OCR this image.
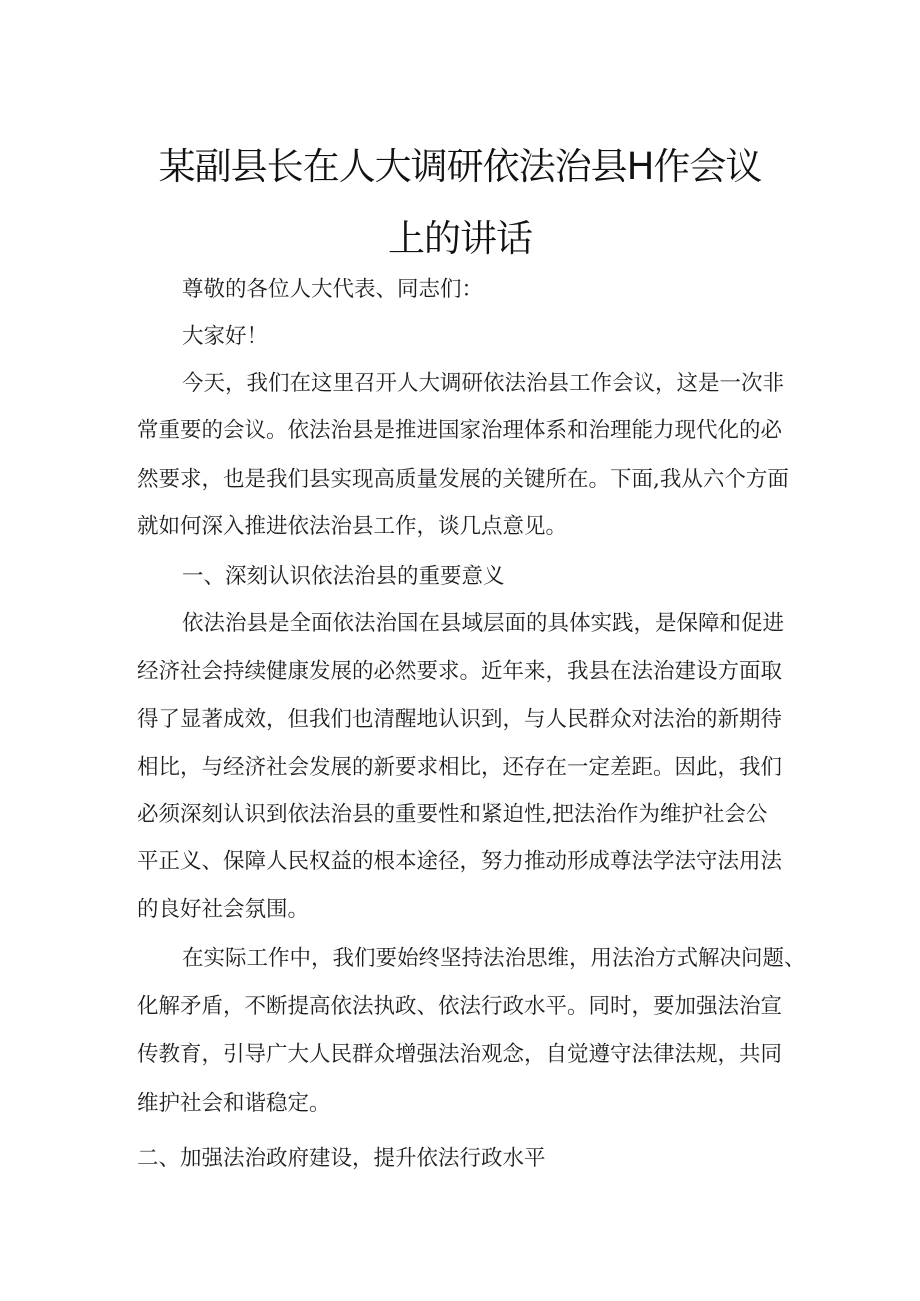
某副县长在人大调研依法治县H作会议
上的讲话

尊敬的各位人大代表、同志们：

大家好！

今天，我们在这里召开人大调研依法治县工作会议，这是一次非

常重要的会议。依法治县是推进国家治理体系和治理能力现代化的必

然要求，也是我们县实现高质量发展的关键所在。下面,我从六个方面

就如何深入推进依法治县工作，谈几点意见。

一、深刻认识依法治县的重要意义

依法治县是全面依法治国在县域层面的具体实践，是保障和促进

经济社会持续健康发展的必然要求。近年来，我县在法治建设方面取

得了显著成效，但我们也清醒地认识到，与人民群众对法治的新期待

相比，与经济社会发展的新要求相比，还存在一定差距。因此，我们

必须深刻认识到依法治县的重要性和紧迫性,把法治作为维护社会公

平正义、保障人民权益的根本途径，努力推动形成尊法学法守法用法

的良好社会氛围。

在实际工作中，我们要始终坚持法治思维，用法治方式解决问题、

化解矛盾，不断提高依法执政、依法行政水平。同时，要加强法治宣

传教育，引导广大人民群众增强法治观念，自觉遵守法律法规，共同

维护社会和谐稳定。

二、加强法治政府建设，提升依法行政水平
